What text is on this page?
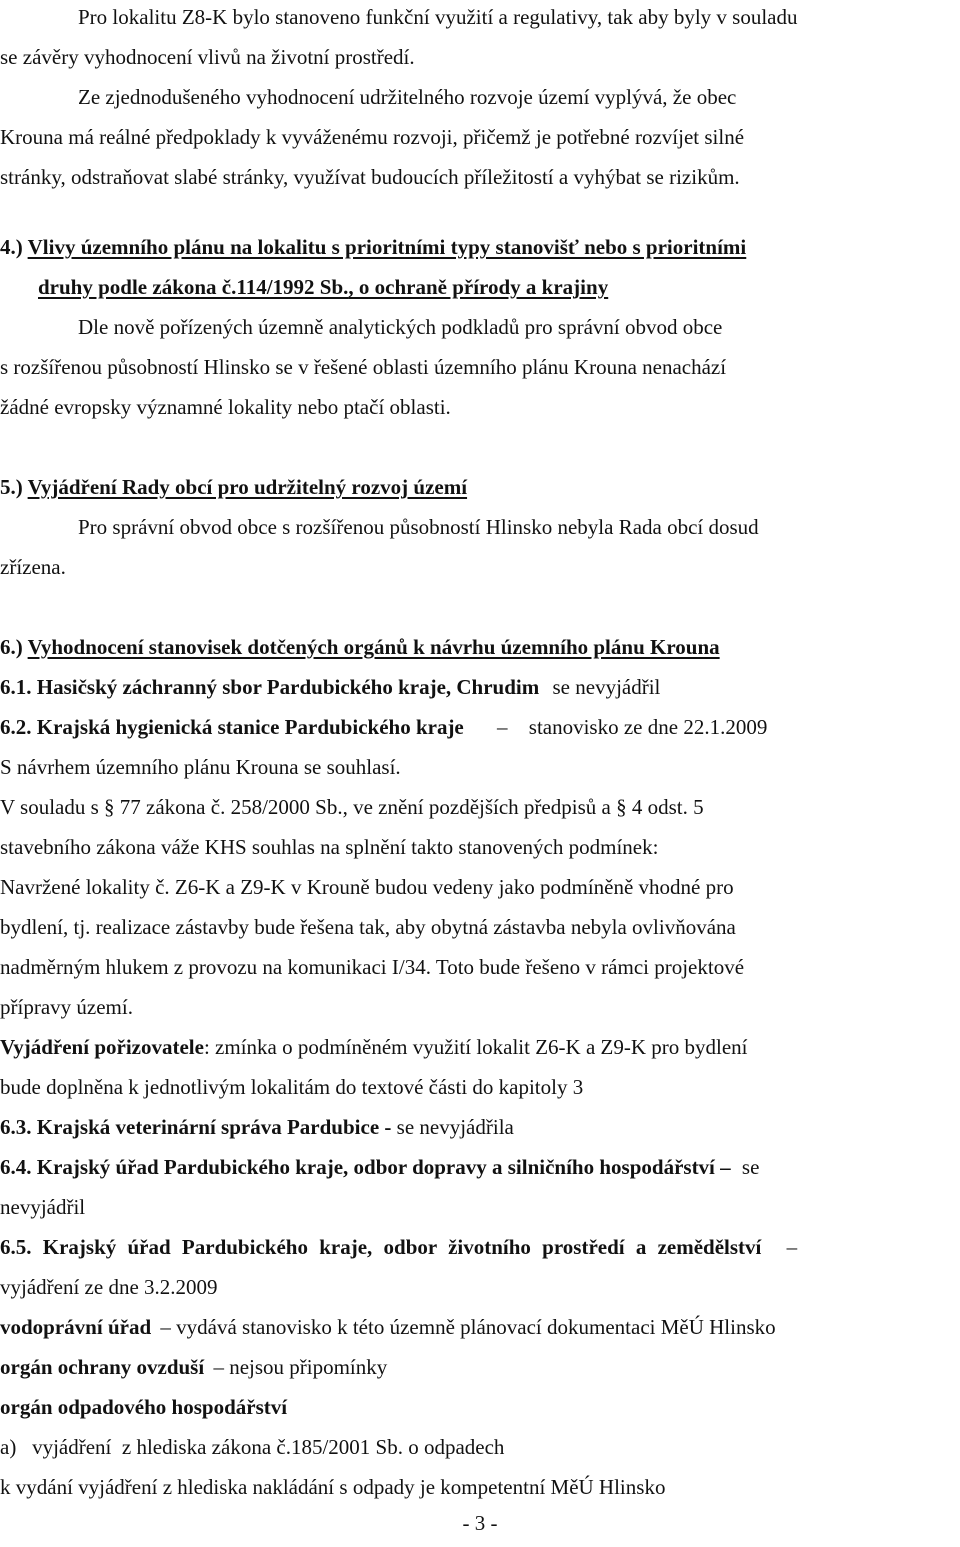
Pro lokalitu Z8-K bylo stanoveno funkční využití a regulativy, tak aby byly v souladu
se závěry vyhodnocení vlivů na životní prostředí.
Ze zjednodušeného vyhodnocení udržitelného rozvoje území vyplývá, že obec
Krouna má reálné předpoklady k vyváženému rozvoji, přičemž je potřebné rozvíjet silné
stránky, odstraňovat slabé stránky, využívat budoucích příležitostí a vyhýbat se rizikům.
4.) Vlivy územního plánu na lokalitu s prioritními typy stanovišť nebo s prioritními
druhy podle zákona č.114/1992 Sb., o ochraně přírody a krajiny
Dle nově pořízených územně analytických podkladů pro správní obvod obce
s rozšířenou působností Hlinsko se v řešené oblasti územního plánu Krouna nenachází
žádné evropsky významné lokality nebo ptačí oblasti.
5.) Vyjádření Rady obcí pro udržitelný rozvoj území
Pro správní obvod obce s rozšířenou působností Hlinsko nebyla Rada obcí dosud
zřízena.
6.) Vyhodnocení stanovisek dotčených orgánů k návrhu územního plánu Krouna
6.1. Hasičský záchranný sbor Pardubického kraje, Chrudim se nevyjádřil
6.2. Krajská hygienická stanice Pardubického kraje – stanovisko ze dne 22.1.2009
S návrhem územního plánu Krouna se souhlasí.
V souladu s § 77 zákona č. 258/2000 Sb., ve znění pozdějších předpisů a § 4 odst. 5
stavebního zákona váže KHS souhlas na splnění takto stanovených podmínek:
Navržené lokality č. Z6-K a Z9-K v Krouně budou vedeny jako podmíněně vhodné pro
bydlení, tj. realizace zástavby bude řešena tak, aby obytná zástavba nebyla ovlivňována
nadměrným hlukem z provozu na komunikaci I/34. Toto bude řešeno v rámci projektové
přípravy území.
Vyjádření pořizovatele: zmínka o podmíněném využití lokalit Z6-K a Z9-K pro bydlení
bude doplněna k jednotlivým lokalitám do textové části do kapitoly 3
6.3. Krajská veterinární správa Pardubice - se nevyjádřila
6.4. Krajský úřad Pardubického kraje, odbor dopravy a silničního hospodářství – se
nevyjádřil
6.5. Krajský úřad Pardubického kraje, odbor životního prostředí a zemědělství –
vyjádření ze dne 3.2.2009
vodoprávní úřad – vydává stanovisko k této územně plánovací dokumentaci MěÚ Hlinsko
orgán ochrany ovzduší – nejsou připomínky
orgán odpadového hospodářství
a)   vyjádření  z hlediska zákona č.185/2001 Sb. o odpadech
k vydání vyjádření z hlediska nakládání s odpady je kompetentní MěÚ Hlinsko
- 3 -
